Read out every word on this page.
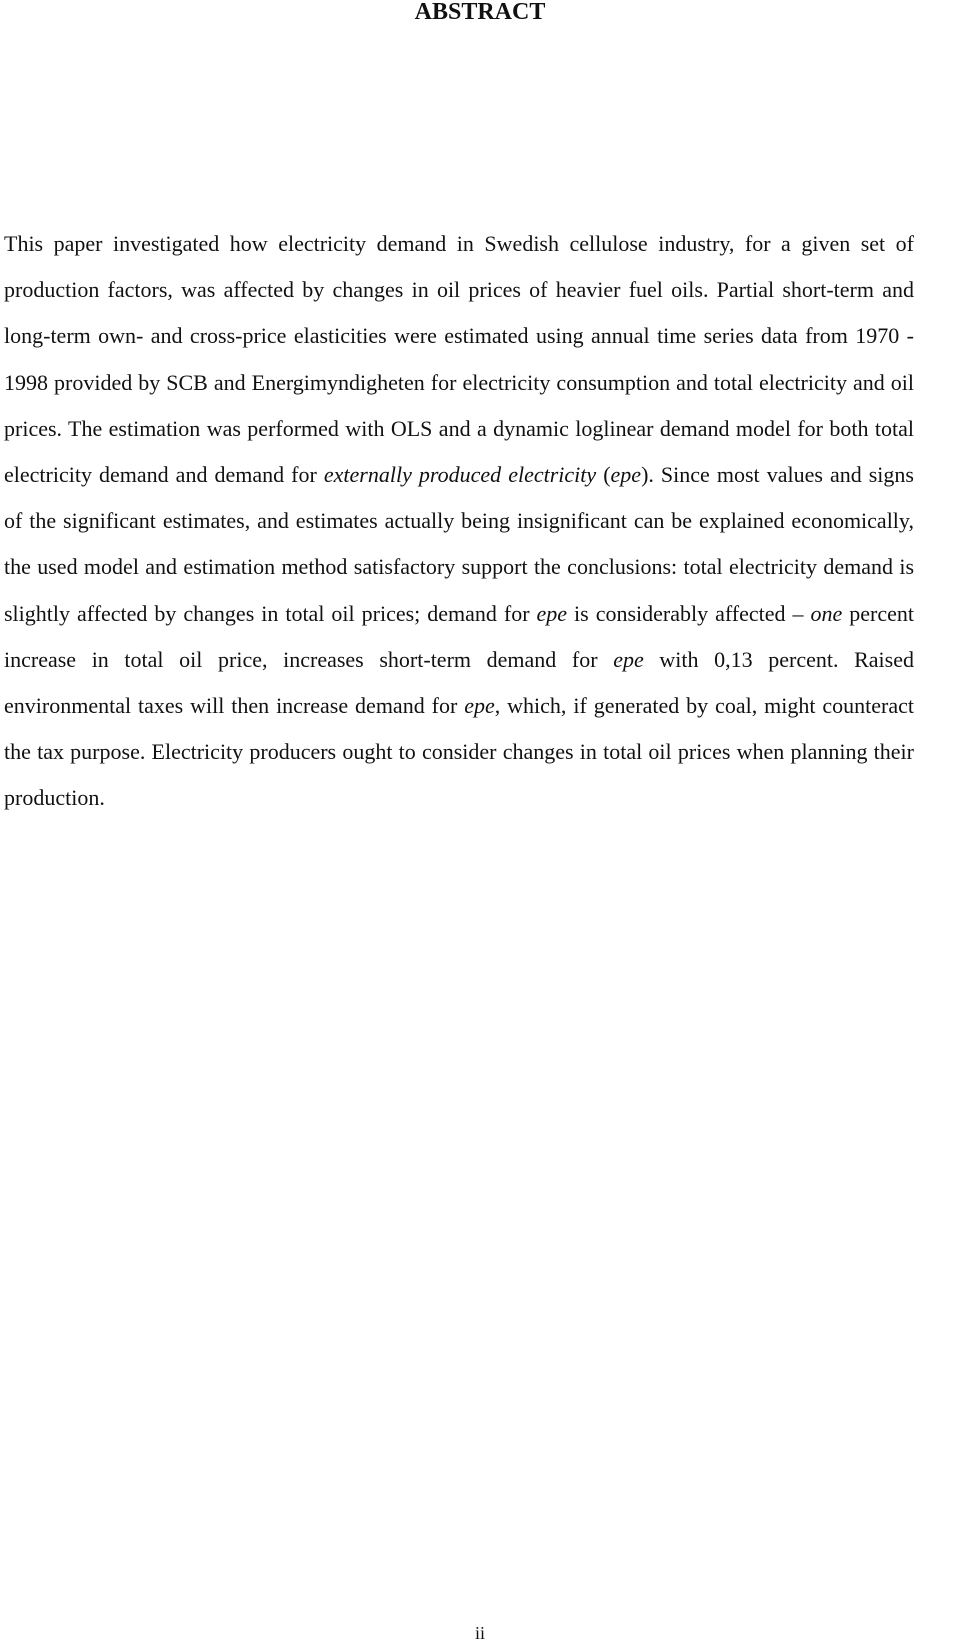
ABSTRACT

This paper investigated how electricity demand in Swedish cellulose industry, for a given set of production factors, was affected by changes in oil prices of heavier fuel oils. Partial short-term and long-term own- and cross-price elasticities were estimated using annual time series data from 1970 - 1998 provided by SCB and Energimyndigheten for electricity consumption and total electricity and oil prices. The estimation was performed with OLS and a dynamic loglinear demand model for both total electricity demand and demand for externally produced electricity (epe). Since most values and signs of the significant estimates, and estimates actually being insignificant can be explained economically, the used model and estimation method satisfactory support the conclusions: total electricity demand is slightly affected by changes in total oil prices; demand for epe is considerably affected – one percent increase in total oil price, increases short-term demand for epe with 0,13 percent. Raised environmental taxes will then increase demand for epe, which, if generated by coal, might counteract the tax purpose. Electricity producers ought to consider changes in total oil prices when planning their production.

ii
